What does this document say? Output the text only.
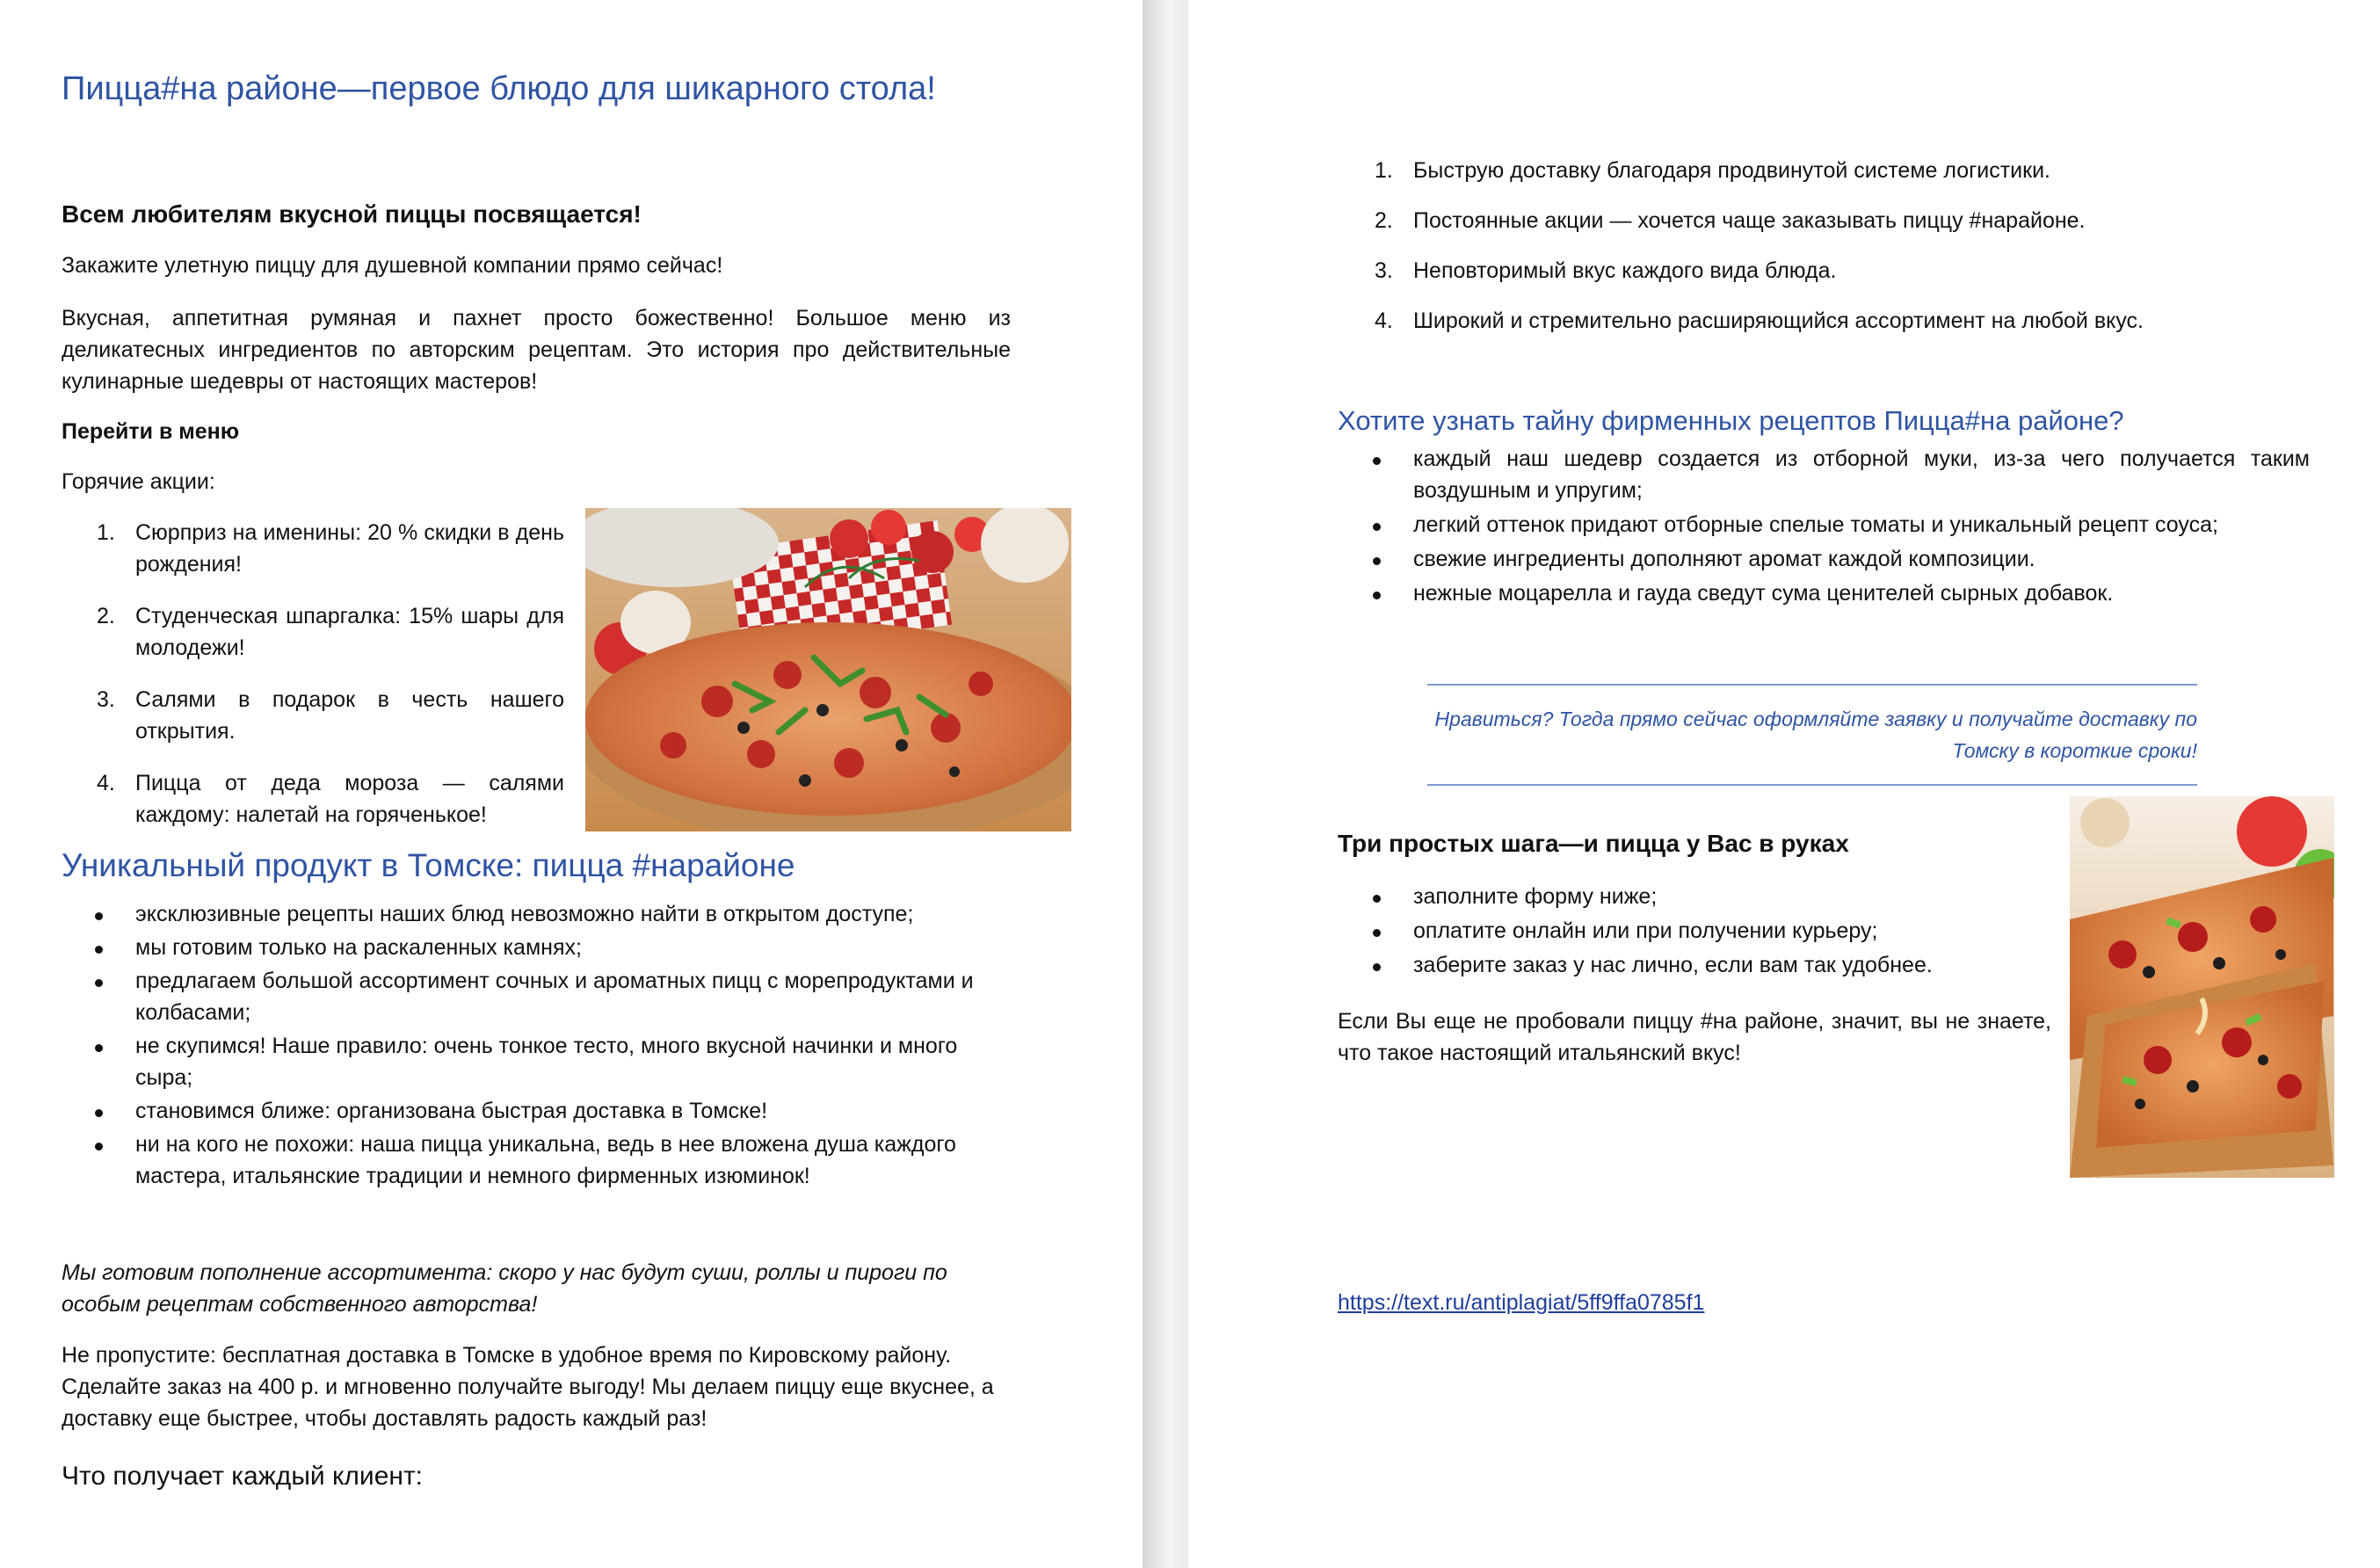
Пицца#на районе—первое блюдо для шикарного стола!
Всем любителям вкусной пиццы посвящается!
Закажите улетную пиццу для душевной компании прямо сейчас!
Вкусная, аппетитная румяная и пахнет просто божественно! Большое меню из деликатесных ингредиентов по авторским рецептам. Это история про действительные кулинарные шедевры от настоящих мастеров!
Перейти в меню
Горячие акции:
1. Сюрприз на именины: 20 % скидки в день рождения!
2. Студенческая шпаргалка: 15% шары для молодежи!
3. Салями в подарок в честь нашего открытия.
4. Пицца от деда мороза — салями каждому: налетай на горяченькое!
Уникальный продукт в Томске: пицца #нарайоне
эксклюзивные рецепты наших блюд невозможно найти в открытом доступе;
мы готовим только на раскаленных камнях;
предлагаем большой ассортимент сочных и ароматных пицц с морепродуктами и колбасами;
не скупимся! Наше правило: очень тонкое тесто, много вкусной начинки и много сыра;
становимся ближе: организована быстрая доставка в Томске!
ни на кого не похожи: наша пицца уникальна, ведь в нее вложена душа каждого мастера, итальянские традиции и немного фирменных изюминок!
Мы готовим пополнение ассортимента: скоро у нас будут суши, роллы и пироги по особым рецептам собственного авторства!
Не пропустите: бесплатная доставка в Томске в удобное время по Кировскому району. Сделайте заказ на 400 р. и мгновенно получайте выгоду! Мы делаем пиццу еще вкуснее, а доставку еще быстрее, чтобы доставлять радость каждый раз!
Что получает каждый клиент:
1. Быструю доставку благодаря продвинутой системе логистики.
2. Постоянные акции — хочется чаще заказывать пиццу #нарайоне.
3. Неповторимый вкус каждого вида блюда.
4. Широкий и стремительно расширяющийся ассортимент на любой вкус.
Хотите узнать тайну фирменных рецептов Пицца#на районе?
каждый наш шедевр создается из отборной муки, из-за чего получается таким воздушным и упругим;
легкий оттенок придают отборные спелые томаты и уникальный рецепт соуса;
свежие ингредиенты дополняют аромат каждой композиции.
нежные моцарелла и гауда сведут сума ценителей сырных добавок.
Нравиться? Тогда прямо сейчас оформляйте заявку и получайте доставку по Томску в короткие сроки!
Три простых шага—и пицца у Вас в руках
заполните форму ниже;
оплатите онлайн или при получении курьеру;
заберите заказ у нас лично, если вам так удобнее.
Если Вы еще не пробовали пиццу #на районе, значит, вы не знаете, что такое настоящий итальянский вкус!
https://text.ru/antiplagiat/5ff9ffa0785f1
